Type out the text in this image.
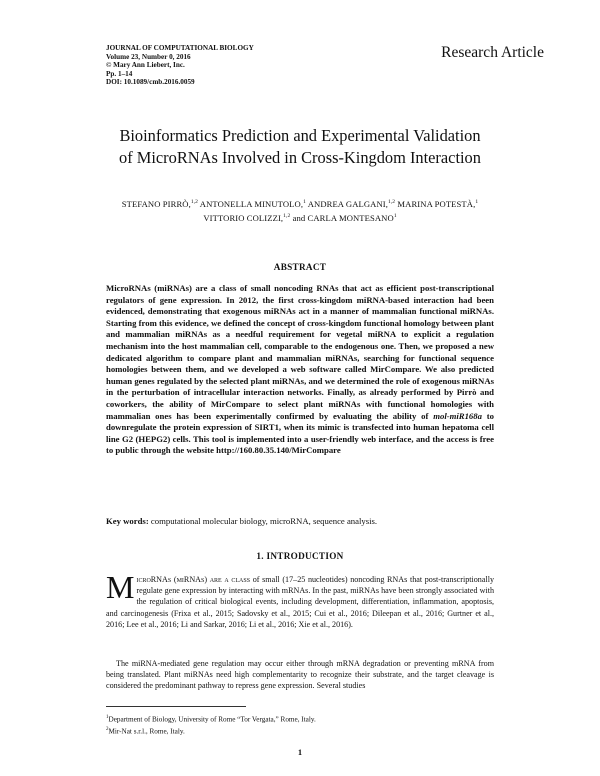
JOURNAL OF COMPUTATIONAL BIOLOGY
Volume 23, Number 0, 2016
© Mary Ann Liebert, Inc.
Pp. 1–14
DOI: 10.1089/cmb.2016.0059
Research Article
Bioinformatics Prediction and Experimental Validation
of MicroRNAs Involved in Cross-Kingdom Interaction
STEFANO PIRRÒ,$^{1,2}$ ANTONELLA MINUTOLO,$^1$ ANDREA GALGANI,$^{1,2}$ MARINA POTESTÀ,$^1$
VITTORIO COLIZZI,$^{1,2}$ and CARLA MONTESANO$^1$
ABSTRACT

MicroRNAs (miRNAs) are a class of small noncoding RNAs that act as efficient post-transcriptional regulators of gene expression. In 2012, the first cross-kingdom miRNA-based interaction had been evidenced, demonstrating that exogenous miRNAs act in a manner of mammalian functional miRNAs. Starting from this evidence, we defined the concept of cross-kingdom functional homology between plant and mammalian miRNAs as a needful requirement for vegetal miRNA to explicit a regulation mechanism into the host mammalian cell, comparable to the endogenous one. Then, we proposed a new dedicated algorithm to compare plant and mammalian miRNAs, searching for functional sequence homologies between them, and we developed a web software called MirCompare. We also predicted human genes regulated by the selected plant miRNAs, and we determined the role of exogenous miRNAs in the perturbation of intracellular interaction networks. Finally, as already performed by Pirrò and coworkers, the ability of MirCompare to select plant miRNAs with functional homologies with mammalian ones has been experimentally confirmed by evaluating the ability of mol-miR168a to downregulate the protein expression of SIRT1, when its mimic is transfected into human hepatoma cell line G2 (HEPG2) cells. This tool is implemented into a user-friendly web interface, and the access is free to public through the website http://160.80.35.140/MirCompare

Key words: computational molecular biology, microRNA, sequence analysis.

1. INTRODUCTION

MicroRNAs (miRNAs) are a class of small (17–25 nucleotides) noncoding RNAs that post-transcriptionally regulate gene expression by interacting with mRNAs. In the past, miRNAs have been strongly associated with the regulation of critical biological events, including development, differentiation, inflammation, apoptosis, and carcinogenesis (Frixa et al., 2015; Sadovsky et al., 2015; Cui et al., 2016; Dileepan et al., 2016; Gurtner et al., 2016; Lee et al., 2016; Li and Sarkar, 2016; Li et al., 2016; Xie et al., 2016).

The miRNA-mediated gene regulation may occur either through mRNA degradation or preventing mRNA from being translated. Plant miRNAs need high complementarity to recognize their substrate, and the target cleavage is considered the predominant pathway to repress gene expression. Several studies

$^1$Department of Biology, University of Rome “Tor Vergata,” Rome, Italy.
$^2$Mir-Nat s.r.l., Rome, Italy.
1
